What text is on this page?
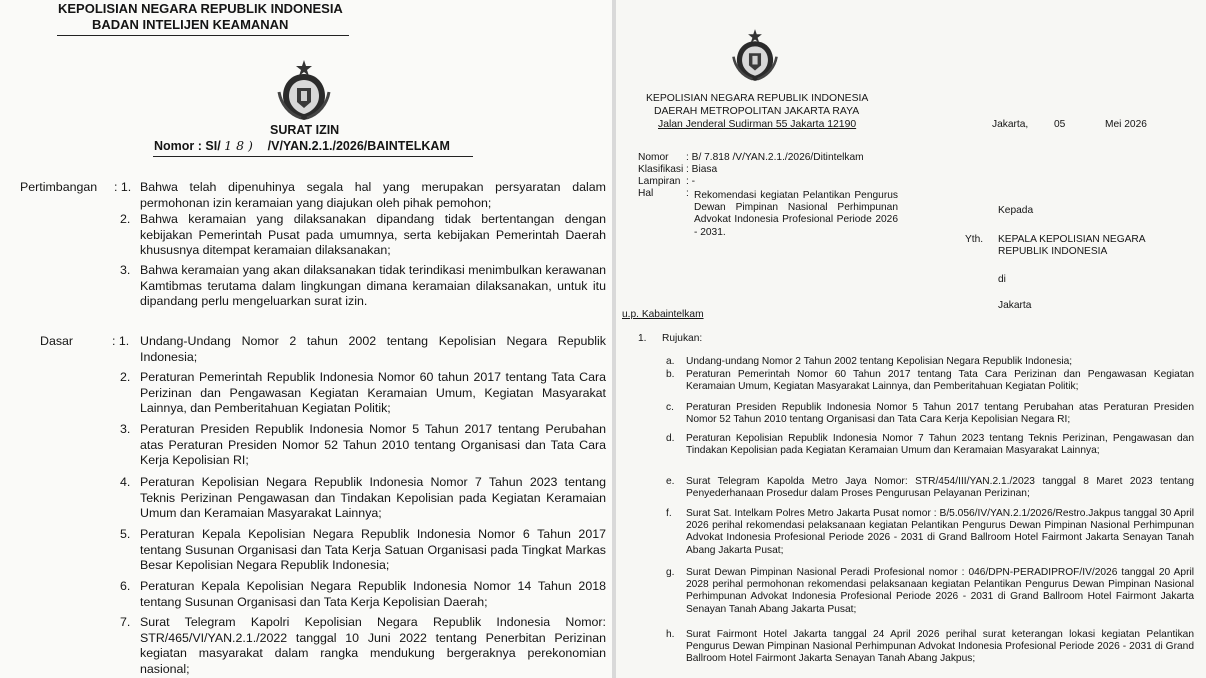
KEPOLISIAN NEGARA REPUBLIK INDONESIA
BADAN INTELIJEN KEAMANAN
SURAT IZIN
Nomor : SI/ 1 8 ) /V/YAN.2.1./2026/BAINTELKAM
Pertimbangan : 1. Bahwa telah dipenuhinya segala hal yang merupakan persyaratan dalam permohonan izin keramaian yang diajukan oleh pihak pemohon;
2. Bahwa keramaian yang dilaksanakan dipandang tidak bertentangan dengan kebijakan Pemerintah Pusat pada umumnya, serta kebijakan Pemerintah Daerah khususnya ditempat keramaian dilaksanakan;
3. Bahwa keramaian yang akan dilaksanakan tidak terindikasi menimbulkan kerawanan Kamtibmas terutama dalam lingkungan dimana keramaian dilaksanakan, untuk itu dipandang perlu mengeluarkan surat izin.
Dasar	: 1. Undang-Undang Nomor 2 tahun 2002 tentang Kepolisian Negara Republik Indonesia;
2. Peraturan Pemerintah Republik Indonesia Nomor 60 tahun 2017 tentang Tata Cara Perizinan dan Pengawasan Kegiatan Keramaian Umum, Kegiatan Masyarakat Lainnya, dan Pemberitahuan Kegiatan Politik;
3. Peraturan Presiden Republik Indonesia Nomor 5 Tahun 2017 tentang Perubahan atas Peraturan Presiden Nomor 52 Tahun 2010 tentang Organisasi dan Tata Cara Kerja Kepolisian RI;
4. Peraturan Kepolisian Negara Republik Indonesia Nomor 7 Tahun 2023 tentang Teknis Perizinan Pengawasan dan Tindakan Kepolisian pada Kegiatan Keramaian Umum dan Keramaian Masyarakat Lainnya;
5. Peraturan Kepala Kepolisian Negara Republik Indonesia Nomor 6 Tahun 2017 tentang Susunan Organisasi dan Tata Kerja Satuan Organisasi pada Tingkat Markas Besar Kepolisian Negara Republik Indonesia;
6. Peraturan Kepala Kepolisian Negara Republik Indonesia Nomor 14 Tahun 2018 tentang Susunan Organisasi dan Tata Kerja Kepolisian Daerah;
7. Surat Telegram Kapolri Kepolisian Negara Republik Indonesia Nomor: STR/465/VI/YAN.2.1./2022 tanggal 10 Juni 2022 tentang Penerbitan Perizinan kegiatan masyarakat dalam rangka mendukung bergeraknya perekonomian nasional;
KEPOLISIAN NEGARA REPUBLIK INDONESIA
DAERAH METROPOLITAN JAKARTA RAYA
Jalan Jenderal Sudirman 55 Jakarta 12190	Jakarta,	05	Mei 2026
Nomor : B/ 7.818 /V/YAN.2.1./2026/Ditintelkam
Klasifikasi : Biasa
Lampiran : -
Hal	: Rekomendasi kegiatan Pelantikan Pengurus Dewan Pimpinan Nasional Perhimpunan Advokat Indonesia Profesional Periode 2026 - 2031.
Kepada
Yth. KEPALA KEPOLISIAN NEGARA
REPUBLIK INDONESIA
di
Jakarta
u.p. Kabaintelkam
1. Rujukan:
a. Undang-undang Nomor 2 Tahun 2002 tentang Kepolisian Negara Republik Indonesia;
b. Peraturan Pemerintah Nomor 60 Tahun 2017 tentang Tata Cara Perizinan dan Pengawasan Kegiatan Keramaian Umum, Kegiatan Masyarakat Lainnya, dan Pemberitahuan Kegiatan Politik;
c. Peraturan Presiden Republik Indonesia Nomor 5 Tahun 2017 tentang Perubahan atas Peraturan Presiden Nomor 52 Tahun 2010 tentang Organisasi dan Tata Cara Kerja Kepolisian Negara RI;
d. Peraturan Kepolisian Republik Indonesia Nomor 7 Tahun 2023 tentang Teknis Perizinan, Pengawasan dan Tindakan Kepolisian pada Kegiatan Keramaian Umum dan Keramaian Masyarakat Lainnya;
e. Surat Telegram Kapolda Metro Jaya Nomor: STR/454/III/YAN.2.1./2023 tanggal 8 Maret 2023 tentang Penyederhanaan Prosedur dalam Proses Pengurusan Pelayanan Perizinan;
f. Surat Sat. Intelkam Polres Metro Jakarta Pusat nomor : B/5.056/IV/YAN.2.1/2026/Restro.Jakpus tanggal 30 April 2026 perihal rekomendasi pelaksanaan kegiatan Pelantikan Pengurus Dewan Pimpinan Nasional Perhimpunan Advokat Indonesia Profesional Periode 2026 - 2031 di Grand Ballroom Hotel Fairmont Jakarta Senayan Tanah Abang Jakarta Pusat;
g. Surat Dewan Pimpinan Nasional Peradi Profesional nomor : 046/DPN-PERADIPROF/IV/2026 tanggal 20 April 2028 perihal permohonan rekomendasi pelaksanaan kegiatan Pelantikan Pengurus Dewan Pimpinan Nasional Perhimpunan Advokat Indonesia Profesional Periode 2026 - 2031 di Grand Ballroom Hotel Fairmont Jakarta Senayan Tanah Abang Jakarta Pusat;
h. Surat Fairmont Hotel Jakarta tanggal 24 April 2026 perihal surat keterangan lokasi kegiatan Pelantikan Pengurus Dewan Pimpinan Nasional Perhimpunan Advokat Indonesia Profesional Periode 2026 - 2031 di Grand Ballroom Hotel Fairmont Jakarta Senayan Tanah Abang Jakpus;
